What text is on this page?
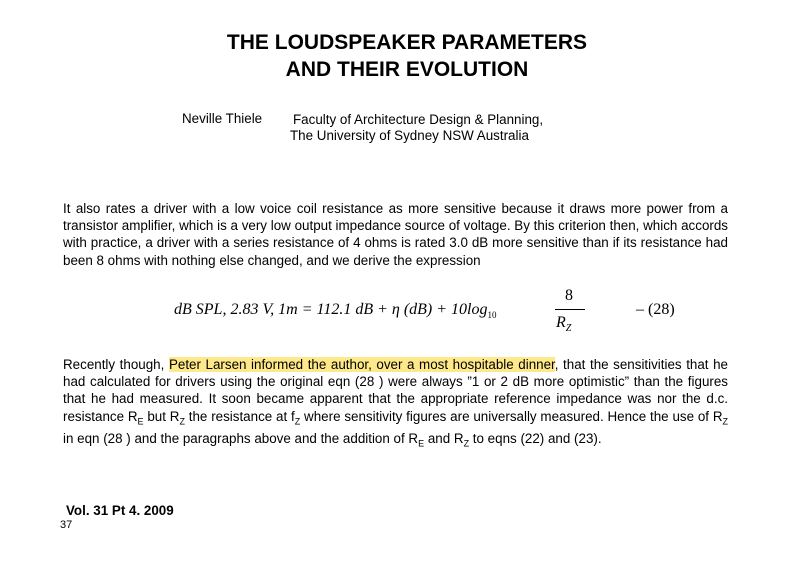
THE LOUDSPEAKER PARAMETERS
AND THEIR EVOLUTION
Neville Thiele Faculty of Architecture Design & Planning,
The University of Sydney NSW Australia
It also rates a driver with a low voice coil resistance as more sensitive because it draws more power from a transistor amplifier, which is a very low output impedance source of voltage. By this criterion then, which accords with practice, a driver with a series resistance of 4 ohms is rated 3.0 dB more sensitive than if its resistance had been 8 ohms with nothing else changed, and we derive the expression
dB SPL, 2.83 V, 1m = 112.1 dB + η $(dB) + 10\log_{10}$
8
$R_Z$
– (28)
Recently though, Peter Larsen informed the author, over a most hospitable dinner, that the sensitivities that he had calculated for drivers using the original eqn (28 ) were always ”1 or 2 dB more optimistic” than the figures that he had measured. It soon became apparent that the appropriate reference impedance was nor the d.c. resistance $R_E$ but $R_Z$ the resistance at $f_Z$ where sensitivity figures are universally measured. Hence the use of $R_Z$ in eqn (28 ) and the paragraphs above and the addition of $R_E$ and $R_Z$ to eqns (22) and (23).
Vol. 31 Pt 4. 2009
37
